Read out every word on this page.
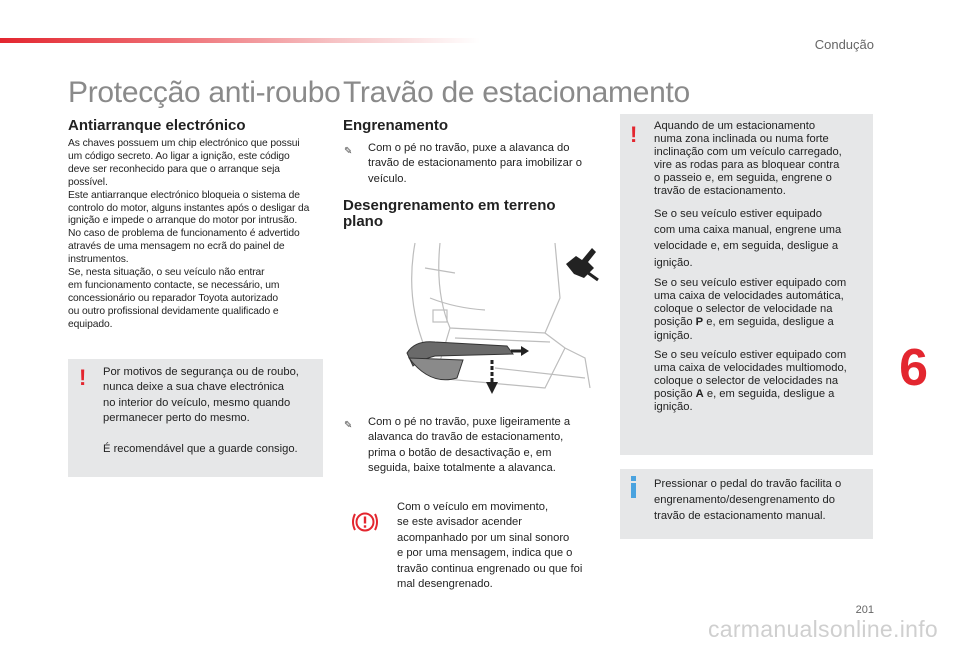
Condução
Protecção anti-roubo
Antiarranque electrónico

As chaves possuem um chip electrónico que possui

um código secreto. Ao ligar a ignição, este código

deve ser reconhecido para que o arranque seja

possível.

Este antiarranque electrónico bloqueia o sistema de

controlo do motor, alguns instantes após o desligar da

ignição e impede o arranque do motor por intrusão.

No caso de problema de funcionamento é advertido

através de uma mensagem no ecrã do painel de

instrumentos.

Se, nesta situação, o seu veículo não entrar

em funcionamento contacte, se necessário, um

concessionário ou reparador Toyota autorizado

ou outro profissional devidamente qualificado e

equipado.

! Por motivos de segurança ou de roubo,

nunca deixe a sua chave electrónica

no interior do veículo, mesmo quando

permanecer perto do mesmo.

É recomendável que a guarde consigo.

Travão de estacionamento
Engrenamento
✎ Com o pé no travão, puxe a alavanca do

travão de estacionamento para imobilizar o

veículo.

Desengrenamento em terreno

plano

✎ Com o pé no travão, puxe ligeiramente a

alavanca do travão de estacionamento,

prima o botão de desactivação e, em

seguida, baixe totalmente a alavanca.

Com o veículo em movimento,

se este avisador acender

acompanhado por um sinal sonoro

e por uma mensagem, indica que o

travão continua engrenado ou que foi

mal desengrenado.

! Aquando de um estacionamento

numa zona inclinada ou numa forte

inclinação com um veículo carregado,

vire as rodas para as bloquear contra

o passeio e, em seguida, engrene o

travão de estacionamento.

Se o seu veículo estiver equipado

com uma caixa manual, engrene uma

velocidade e, em seguida, desligue a

ignição.

Se o seu veículo estiver equipado com

uma caixa de velocidades automática,

coloque o selector de velocidade na

posição P e, em seguida, desligue a

ignição.

Se o seu veículo estiver equipado com

uma caixa de velocidades multiomodo,

coloque o selector de velocidades na

posição A e, em seguida, desligue a

ignição.

Pressionar o pedal do travão facilita o

engrenamento/desengrenamento do

travão de estacionamento manual.

6
201
carmanualsonline.info
